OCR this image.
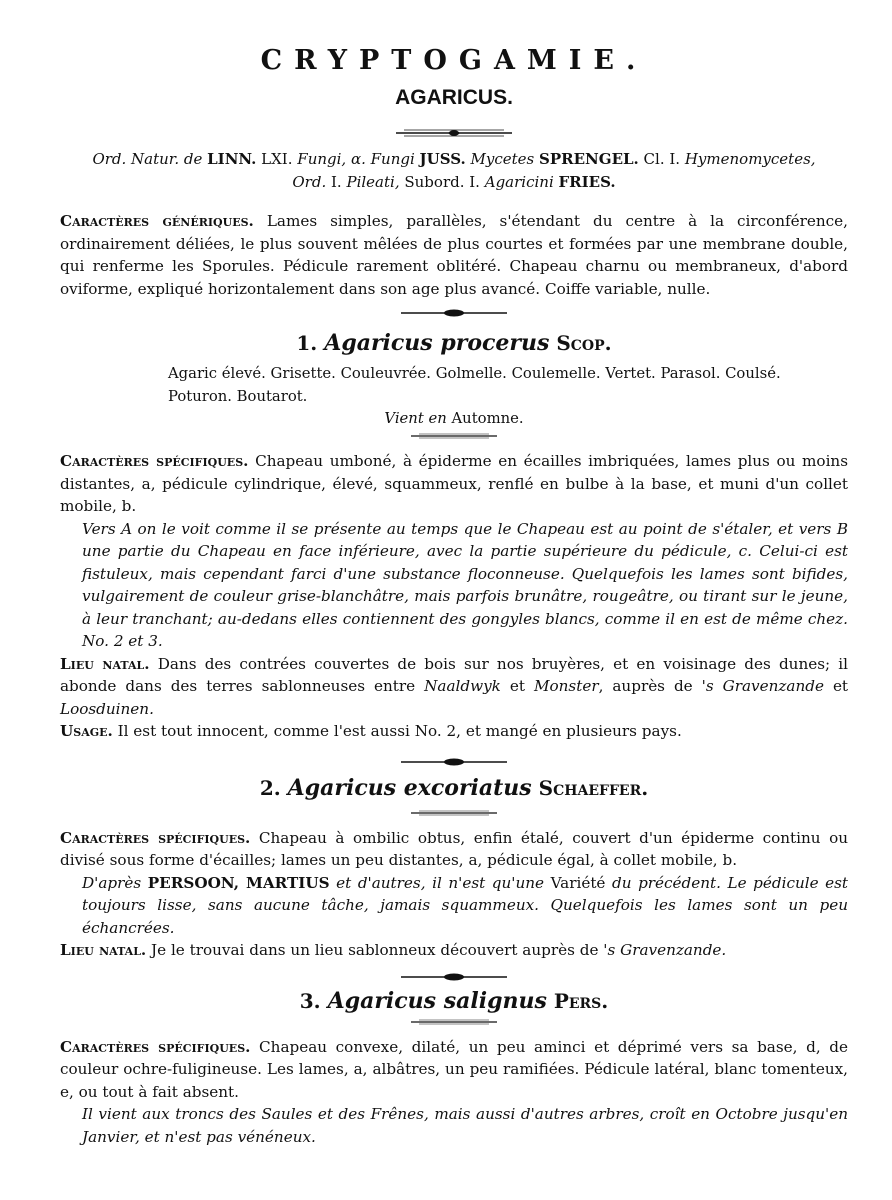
CRYPTOGAMIE.
AGARICUS.

Ord. Natur. de LINN. LXI. Fungi, α. Fungi JUSS. Mycetes SPRENGEL. Cl. I. Hymenomycetes,
Ord. I. Pileati, Subord. I. Agaricini FRIES.

Caractères génériques. Lames simples, parallèles, s'étendant du centre à la circonférence, ordinairement déliées, le plus souvent mêlées de plus courtes et formées par une membrane double, qui renferme les Sporules. Pédicule rarement oblitéré. Chapeau charnu ou membraneux, d'abord oviforme, expliqué horizontalement dans son age plus avancé. Coiffe variable, nulle.

1. Agaricus procerus Scop.

Agaric élevé. Grisette. Couleuvrée. Golmelle. Coulemelle. Vertet. Parasol. Coulsé. Poturon. Boutarot.

Vient en Automne.

Caractères spécifiques. Chapeau umboné, à épiderme en écailles imbriquées, lames plus ou moins distantes, a, pédicule cylindrique, élevé, squammeux, renflé en bulbe à la base, et muni d'un collet mobile, b.

Vers A on le voit comme il se présente au temps que le Chapeau est au point de s'étaler, et vers B une partie du Chapeau en face inférieure, avec la partie supérieure du pédicule, c. Celui-ci est fistuleux, mais cependant farci d'une substance floconneuse. Quelquefois les lames sont bifides, vulgairement de couleur grise-blanchâtre, mais parfois brunâtre, rougeâtre, ou tirant sur le jeune, à leur tranchant; au-dedans elles contiennent des gongyles blancs, comme il en est de même chez. No. 2 et 3.

Lieu natal. Dans des contrées couvertes de bois sur nos bruyères, et en voisinage des dunes; il abonde dans des terres sablonneuses entre Naaldwyk et Monster, auprès de 's Gravenzande et Loosduinen.

Usage. Il est tout innocent, comme l'est aussi No. 2, et mangé en plusieurs pays.

2. Agaricus excoriatus Schaeffer.

Caractères spécifiques. Chapeau à ombilic obtus, enfin étalé, couvert d'un épiderme continu ou divisé sous forme d'écailles; lames un peu distantes, a, pédicule égal, à collet mobile, b.

D'après PERSOON, MARTIUS et d'autres, il n'est qu'une Variété du précédent. Le pédicule est toujours lisse, sans aucune tâche, jamais squammeux. Quelquefois les lames sont un peu échancrées.

Lieu natal. Je le trouvai dans un lieu sablonneux découvert auprès de 's Gravenzande.

3. Agaricus salignus Pers.

Caractères spécifiques. Chapeau convexe, dilaté, un peu aminci et déprimé vers sa base, d, de couleur ochre-fuligineuse. Les lames, a, albâtres, un peu ramifiées. Pédicule latéral, blanc tomenteux, e, ou tout à fait absent.

Il vient aux troncs des Saules et des Frênes, mais aussi d'autres arbres, croît en Octobre jusqu'en Janvier, et n'est pas vénéneux.
